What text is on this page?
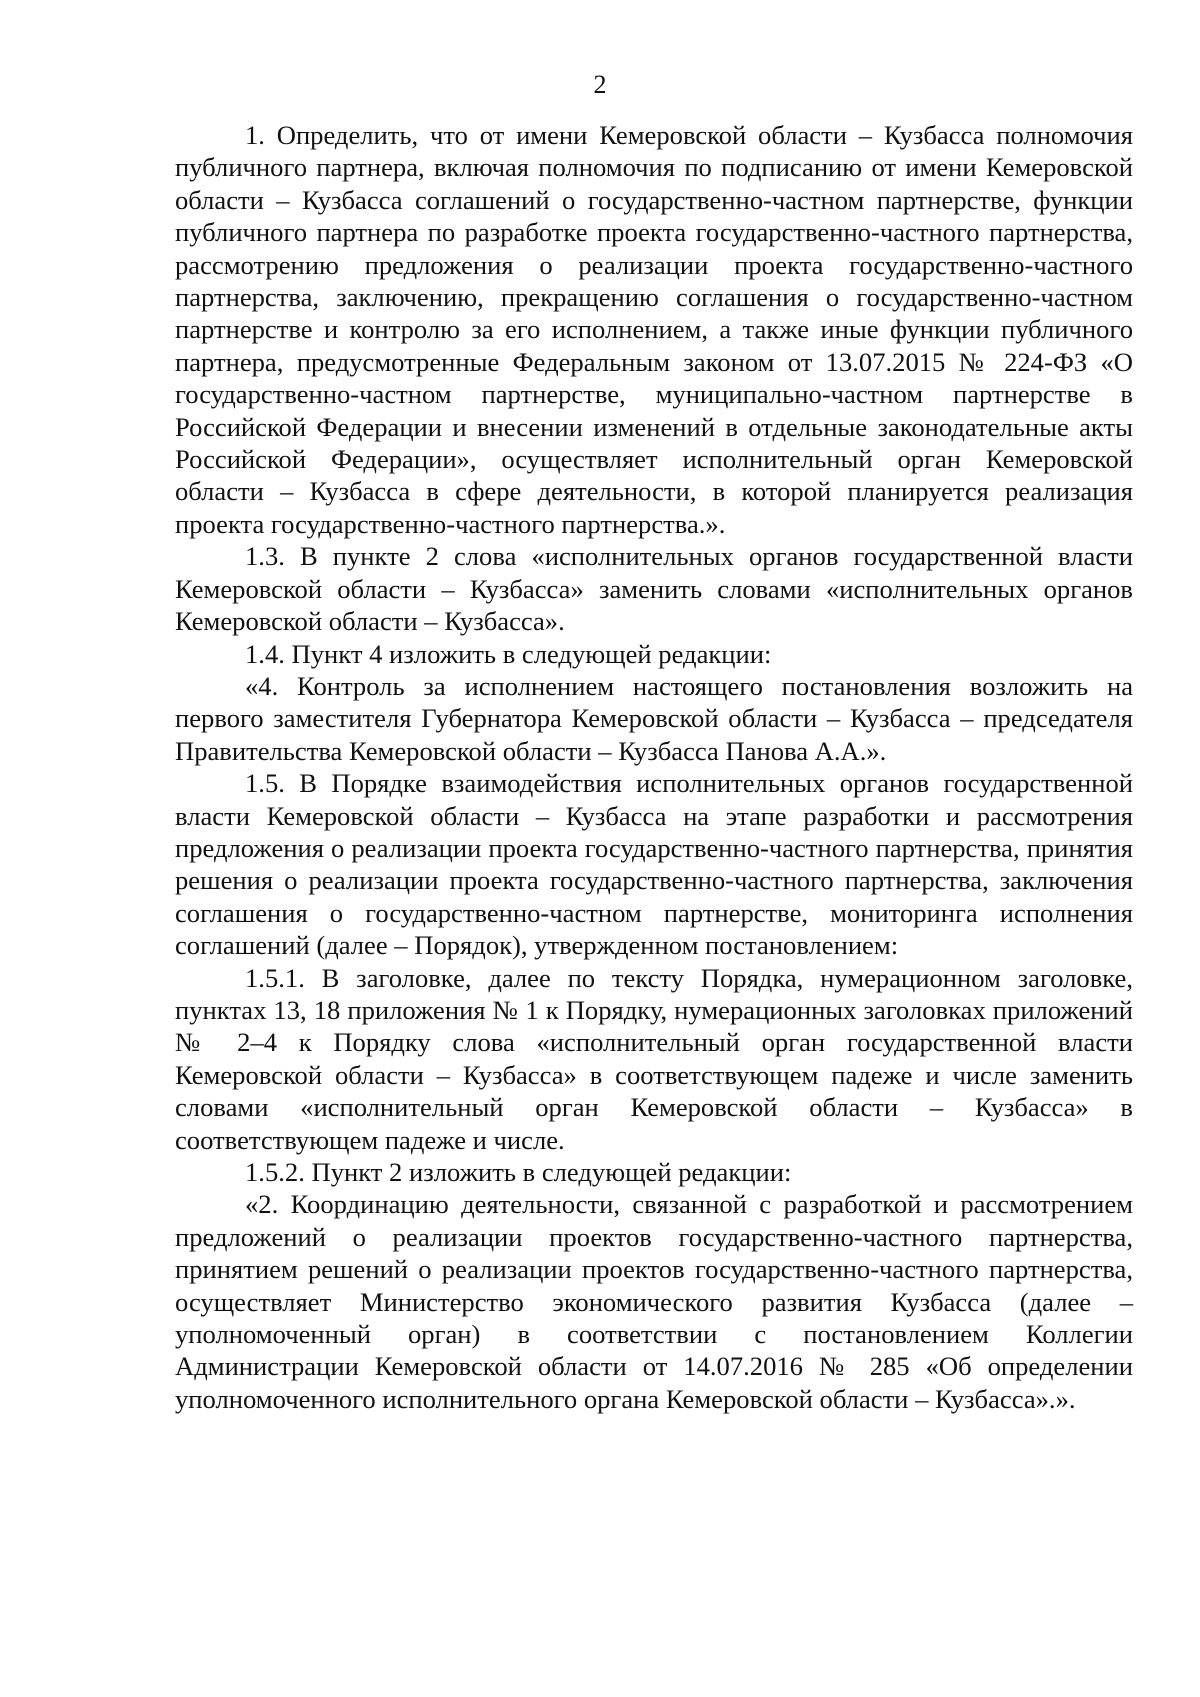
2

1. Определить, что от имени Кемеровской области – Кузбасса полномочия публичного партнера, включая полномочия по подписанию от имени Кемеровской области – Кузбасса соглашений о государственно-частном партнерстве, функции публичного партнера по разработке проекта государственно-частного партнерства, рассмотрению предложения о реализации проекта государственно-частного партнерства, заключению, прекращению соглашения о государственно-частном партнерстве и контролю за его исполнением, а также иные функции публичного партнера, предусмотренные Федеральным законом от 13.07.2015 № 224-ФЗ «О государственно-частном партнерстве, муниципально-частном партнерстве в Российской Федерации и внесении изменений в отдельные законодательные акты Российской Федерации», осуществляет исполнительный орган Кемеровской области – Кузбасса в сфере деятельности, в которой планируется реализация проекта государственно-частного партнерства.».

1.3. В пункте 2 слова «исполнительных органов государственной власти Кемеровской области – Кузбасса» заменить словами «исполнительных органов Кемеровской области – Кузбасса».

1.4. Пункт 4 изложить в следующей редакции:

«4. Контроль за исполнением настоящего постановления возложить на первого заместителя Губернатора Кемеровской области – Кузбасса – председателя Правительства Кемеровской области – Кузбасса Панова А.А.».

1.5. В Порядке взаимодействия исполнительных органов государственной власти Кемеровской области – Кузбасса на этапе разработки и рассмотрения предложения о реализации проекта государственно-частного партнерства, принятия решения о реализации проекта государственно-частного партнерства, заключения соглашения о государственно-частном партнерстве, мониторинга исполнения соглашений (далее – Порядок), утвержденном постановлением:

1.5.1. В заголовке, далее по тексту Порядка, нумерационном заголовке, пунктах 13, 18 приложения № 1 к Порядку, нумерационных заголовках приложений № 2–4 к Порядку слова «исполнительный орган государственной власти Кемеровской области – Кузбасса» в соответствующем падеже и числе заменить словами «исполнительный орган Кемеровской области – Кузбасса» в соответствующем падеже и числе.

1.5.2. Пункт 2 изложить в следующей редакции:

«2. Координацию деятельности, связанной с разработкой и рассмотрением предложений о реализации проектов государственно-частного партнерства, принятием решений о реализации проектов государственно-частного партнерства, осуществляет Министерство экономического развития Кузбасса (далее – уполномоченный орган) в соответствии с постановлением Коллегии Администрации Кемеровской области от 14.07.2016 № 285 «Об определении уполномоченного исполнительного органа Кемеровской области – Кузбасса».».
